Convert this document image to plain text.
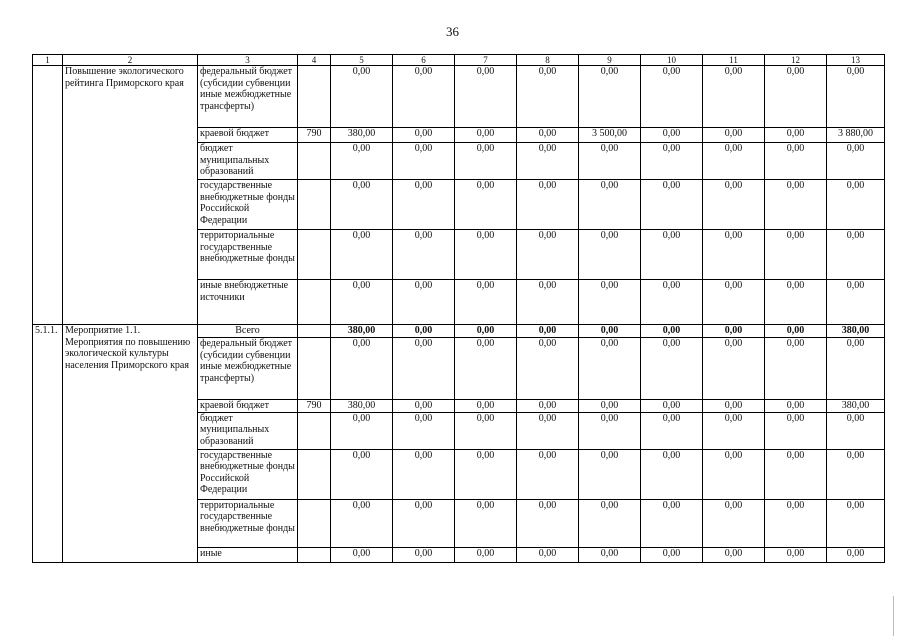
36
1	2	3	4	5	6	7	8	9	10	11	12	13
	Повышение экологического рейтинга Приморского края	федеральный бюджет (субсидии субвенции иные межбюджетные трансферты)		0,00	0,00	0,00	0,00	0,00	0,00	0,00	0,00	0,00
		краевой бюджет	790	380,00	0,00	0,00	0,00	3 500,00	0,00	0,00	0,00	3 880,00
		бюджет муниципальных образований		0,00	0,00	0,00	0,00	0,00	0,00	0,00	0,00	0,00
		государственные внебюджетные фонды Российской Федерации		0,00	0,00	0,00	0,00	0,00	0,00	0,00	0,00	0,00
		территориальные государственные внебюджетные фонды		0,00	0,00	0,00	0,00	0,00	0,00	0,00	0,00	0,00
		иные внебюджетные источники		0,00	0,00	0,00	0,00	0,00	0,00	0,00	0,00	0,00
5.1.1.	Мероприятие 1.1. Мероприятия по повышению экологической культуры населения Приморского края	Всего		380,00	0,00	0,00	0,00	0,00	0,00	0,00	0,00	380,00
		федеральный бюджет (субсидии субвенции иные межбюджетные трансферты)		0,00	0,00	0,00	0,00	0,00	0,00	0,00	0,00	0,00
		краевой бюджет	790	380,00	0,00	0,00	0,00	0,00	0,00	0,00	0,00	380,00
		бюджет муниципальных образований		0,00	0,00	0,00	0,00	0,00	0,00	0,00	0,00	0,00
		государственные внебюджетные фонды Российской Федерации		0,00	0,00	0,00	0,00	0,00	0,00	0,00	0,00	0,00
		территориальные государственные внебюджетные фонды		0,00	0,00	0,00	0,00	0,00	0,00	0,00	0,00	0,00
		иные		0,00	0,00	0,00	0,00	0,00	0,00	0,00	0,00	0,00
